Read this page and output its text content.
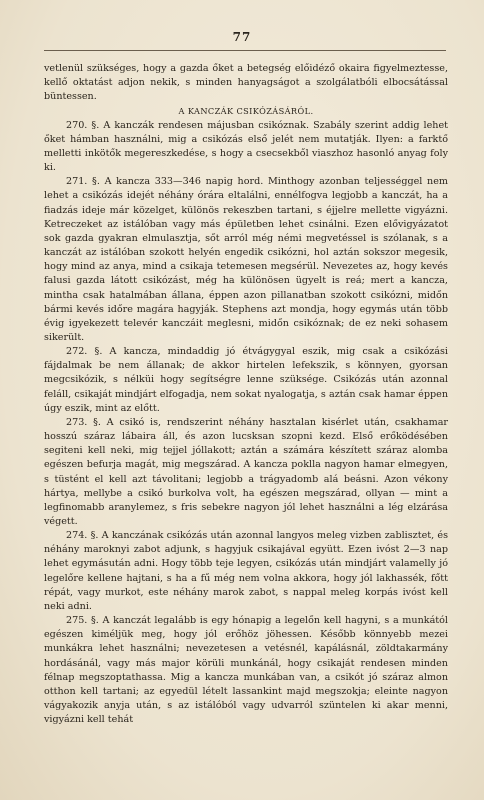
77

vetlenül szükséges, hogy a gazda őket a betegség előidéző okaira figyelmeztesse, kellő oktatást adjon nekik, s minden hanyagságot a szolgálatbóli elbocsátással büntessen.

A KANCZÁK CSIKÓZÁSÁRÓL.

270. §. A kanczák rendesen májusban csikóznak. Szabály szerint addig lehet őket hámban használni, mig a csikózás első jelét nem mutatják. Ilyen: a farktő melletti inkötők megereszkedése, s hogy a csecsekből viaszhoz hasonló anyag foly ki.

271. §. A kancza 333—346 napig hord. Minthogy azonban teljességgel nem lehet a csikózás idejét néhány órára eltalálni, ennélfogva legjobb a kanczát, ha a fiadzás ideje már közelget, különös rekeszben tartani, s éjjelre mellette vigyázni. Ketreczeket az istálóban vagy más épületben lehet csinálni. Ezen elővigyázatot sok gazda gyakran elmulasztja, sőt arról még némi megvetéssel is szólanak, s a kanczát az istálóban szokott helyén engedik csikózni, hol aztán sokszor megesik, hogy mind az anya, mind a csikaja tetemesen megsérül. Nevezetes az, hogy kevés falusi gazda látott csikózást, még ha különösen ügyelt is reá; mert a kancza, mintha csak hatalmában állana, éppen azon pillanatban szokott csikózni, midőn bármi kevés időre magára hagyják. Stephens azt mondja, hogy egymás után több évig igyekezett televér kanczáit meglesni, midőn csikóznak; de ez neki sohasem sikerült.

272. §. A kancza, mindaddig jó étvágygyal eszik, mig csak a csikózási fájdalmak be nem állanak; de akkor hirtelen lefekszik, s könnyen, gyorsan megcsikózik, s nélküi hogy segítségre lenne szüksége. Csikózás után azonnal feláll, csikaját mindjárt elfogadja, nem sokat nyalogatja, s aztán csak hamar éppen úgy eszik, mint az előtt.

273. §. A csikó is, rendszerint néhány hasztalan kisérlet után, csakhamar hosszú száraz lábaira áll, és azon lucsksan szopni kezd. Első erőködésében segiteni kell neki, mig tejjel jóllakott; aztán a számára készített száraz alomba egészen befurja magát, mig megszárad. A kancza poklla nagyon hamar elmegyen, s tüstént el kell azt távolitani; legjobb a trágyadomb alá beásni. Azon vékony hártya, mellybe a csikó burkolva volt, ha egészen megszárad, ollyan — mint a legfinomabb aranylemez, s fris sebekre nagyon jól lehet használni a lég elzárása végett.

274. §. A kanczának csikózás után azonnal langyos meleg vizben zablisztet, és néhány maroknyi zabot adjunk, s hagyjuk csikajával együtt. Ezen ivóst 2—3 nap lehet egymásután adni. Hogy több teje legyen, csikózás után mindjárt valamelly jó legelőre kellene hajtani, s ha a fű még nem volna akkora, hogy jól lakhassék, főtt répát, vagy murkot, este néhány marok zabot, s nappal meleg korpás ivóst kell neki adni.

275. §. A kanczát legalább is egy hónapig a legelőn kell hagyni, s a munkától egészen kiméljük meg, hogy jól erőhöz jöhessen. Később könnyebb mezei munkákra lehet használni; nevezetesen a vetésnél, kapálásnál, zöldtakarmány hordásánál, vagy más major körüli munkánál, hogy csikaját rendesen minden félnap megszoptathassa. Mig a kancza munkában van, a csikót jó száraz almon otthon kell tartani; az egyedül lételt lassankint majd megszokja; eleinte nagyon vágyakozik anyja után, s az istálóból vagy udvarról szüntelen ki akar menni, vigyázni kell tehát
